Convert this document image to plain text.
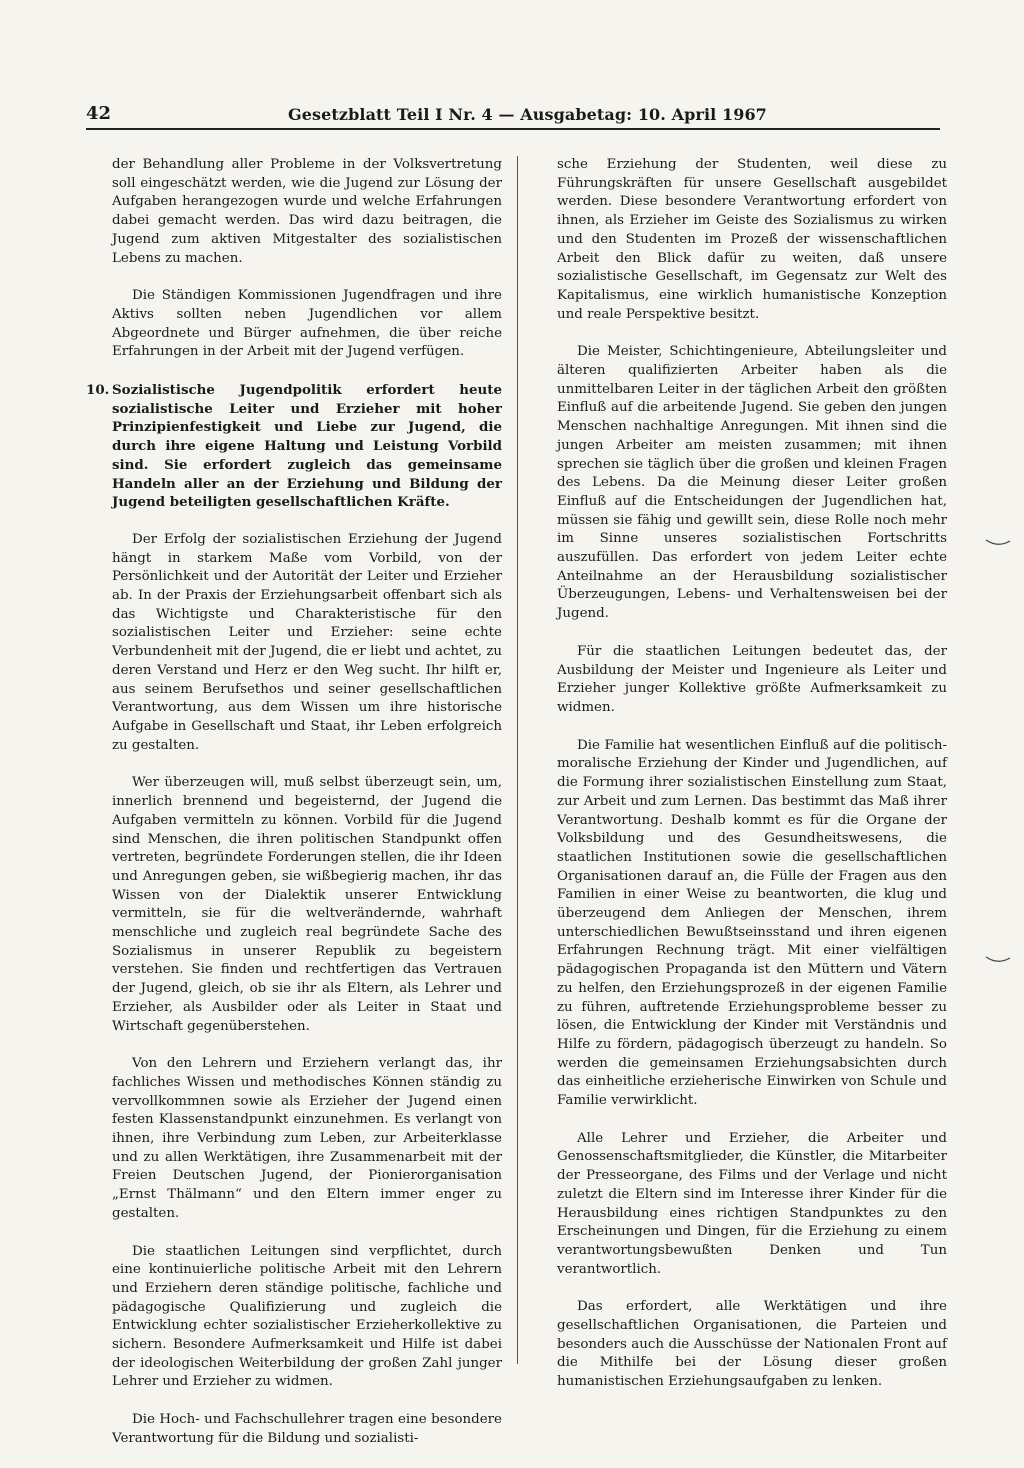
42	Gesetzblatt Teil I Nr. 4 — Ausgabetag: 10. April 1967

der Behandlung aller Probleme in der Volksvertretung soll eingeschätzt werden, wie die Jugend zur Lösung der Aufgaben herangezogen wurde und welche Erfahrungen dabei gemacht werden. Das wird dazu beitragen, die Jugend zum aktiven Mitgestalter des sozialistischen Lebens zu machen.

Die Ständigen Kommissionen Jugendfragen und ihre Aktivs sollten neben Jugendlichen vor allem Abgeordnete und Bürger aufnehmen, die über reiche Erfahrungen in der Arbeit mit der Jugend verfügen.

10. Sozialistische Jugendpolitik erfordert heute sozialistische Leiter und Erzieher mit hoher Prinzipienfestigkeit und Liebe zur Jugend, die durch ihre eigene Haltung und Leistung Vorbild sind. Sie erfordert zugleich das gemeinsame Handeln aller an der Erziehung und Bildung der Jugend beteiligten gesellschaftlichen Kräfte.

Der Erfolg der sozialistischen Erziehung der Jugend hängt in starkem Maße vom Vorbild, von der Persönlichkeit und der Autorität der Leiter und Erzieher ab. In der Praxis der Erziehungsarbeit offenbart sich als das Wichtigste und Charakteristische für den sozialistischen Leiter und Erzieher: seine echte Verbundenheit mit der Jugend, die er liebt und achtet, zu deren Verstand und Herz er den Weg sucht. Ihr hilft er, aus seinem Berufsethos und seiner gesellschaftlichen Verantwortung, aus dem Wissen um ihre historische Aufgabe in Gesellschaft und Staat, ihr Leben erfolgreich zu gestalten.

Wer überzeugen will, muß selbst überzeugt sein, um, innerlich brennend und begeisternd, der Jugend die Aufgaben vermitteln zu können. Vorbild für die Jugend sind Menschen, die ihren politischen Standpunkt offen vertreten, begründete Forderungen stellen, die ihr Ideen und Anregungen geben, sie wißbegierig machen, ihr das Wissen von der Dialektik unserer Entwicklung vermitteln, sie für die weltverändernde, wahrhaft menschliche und zugleich real begründete Sache des Sozialismus in unserer Republik zu begeistern verstehen. Sie finden und rechtfertigen das Vertrauen der Jugend, gleich, ob sie ihr als Eltern, als Lehrer und Erzieher, als Ausbilder oder als Leiter in Staat und Wirtschaft gegenüberstehen.

Von den Lehrern und Erziehern verlangt das, ihr fachliches Wissen und methodisches Können ständig zu vervollkommnen sowie als Erzieher der Jugend einen festen Klassenstandpunkt einzunehmen. Es verlangt von ihnen, ihre Verbindung zum Leben, zur Arbeiterklasse und zu allen Werktätigen, ihre Zusammenarbeit mit der Freien Deutschen Jugend, der Pionierorganisation „Ernst Thälmann“ und den Eltern immer enger zu gestalten.

Die staatlichen Leitungen sind verpflichtet, durch eine kontinuierliche politische Arbeit mit den Lehrern und Erziehern deren ständige politische, fachliche und pädagogische Qualifizierung und zugleich die Entwicklung echter sozialistischer Erzieherkollektive zu sichern. Besondere Aufmerksamkeit und Hilfe ist dabei der ideologischen Weiterbildung der großen Zahl junger Lehrer und Erzieher zu widmen.

Die Hoch- und Fachschullehrer tragen eine besondere Verantwortung für die Bildung und sozialisti-

sche Erziehung der Studenten, weil diese zu Führungskräften für unsere Gesellschaft ausgebildet werden. Diese besondere Verantwortung erfordert von ihnen, als Erzieher im Geiste des Sozialismus zu wirken und den Studenten im Prozeß der wissenschaftlichen Arbeit den Blick dafür zu weiten, daß unsere sozialistische Gesellschaft, im Gegensatz zur Welt des Kapitalismus, eine wirklich humanistische Konzeption und reale Perspektive besitzt.

Die Meister, Schichtingenieure, Abteilungsleiter und älteren qualifizierten Arbeiter haben als die unmittelbaren Leiter in der täglichen Arbeit den größten Einfluß auf die arbeitende Jugend. Sie geben den jungen Menschen nachhaltige Anregungen. Mit ihnen sind die jungen Arbeiter am meisten zusammen; mit ihnen sprechen sie täglich über die großen und kleinen Fragen des Lebens. Da die Meinung dieser Leiter großen Einfluß auf die Entscheidungen der Jugendlichen hat, müssen sie fähig und gewillt sein, diese Rolle noch mehr im Sinne unseres sozialistischen Fortschritts auszufüllen. Das erfordert von jedem Leiter echte Anteilnahme an der Herausbildung sozialistischer Überzeugungen, Lebens- und Verhaltensweisen bei der Jugend.

Für die staatlichen Leitungen bedeutet das, der Ausbildung der Meister und Ingenieure als Leiter und Erzieher junger Kollektive größte Aufmerksamkeit zu widmen.

Die Familie hat wesentlichen Einfluß auf die politisch-moralische Erziehung der Kinder und Jugendlichen, auf die Formung ihrer sozialistischen Einstellung zum Staat, zur Arbeit und zum Lernen. Das bestimmt das Maß ihrer Verantwortung. Deshalb kommt es für die Organe der Volksbildung und des Gesundheitswesens, die staatlichen Institutionen sowie die gesellschaftlichen Organisationen darauf an, die Fülle der Fragen aus den Familien in einer Weise zu beantworten, die klug und überzeugend dem Anliegen der Menschen, ihrem unterschiedlichen Bewußtseinsstand und ihren eigenen Erfahrungen Rechnung trägt. Mit einer vielfältigen pädagogischen Propaganda ist den Müttern und Vätern zu helfen, den Erziehungsprozeß in der eigenen Familie zu führen, auftretende Erziehungsprobleme besser zu lösen, die Entwicklung der Kinder mit Verständnis und Hilfe zu fördern, pädagogisch überzeugt zu handeln. So werden die gemeinsamen Erziehungsabsichten durch das einheitliche erzieherische Einwirken von Schule und Familie verwirklicht.

Alle Lehrer und Erzieher, die Arbeiter und Genossenschaftsmitglieder, die Künstler, die Mitarbeiter der Presseorgane, des Films und der Verlage und nicht zuletzt die Eltern sind im Interesse ihrer Kinder für die Herausbildung eines richtigen Standpunktes zu den Erscheinungen und Dingen, für die Erziehung zu einem verantwortungsbewußten Denken und Tun verantwortlich.

Das erfordert, alle Werktätigen und ihre gesellschaftlichen Organisationen, die Parteien und besonders auch die Ausschüsse der Nationalen Front auf die Mithilfe bei der Lösung dieser großen humanistischen Erziehungsaufgaben zu lenken.
